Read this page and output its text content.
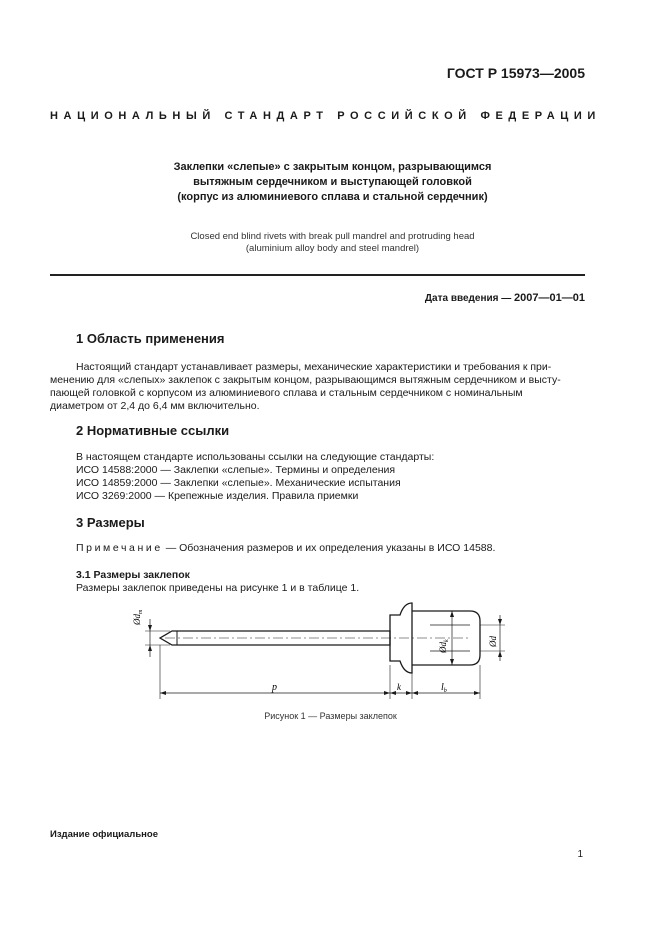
ГОСТ Р 15973—2005
НАЦИОНАЛЬНЫЙ СТАНДАРТ РОССИЙСКОЙ ФЕДЕРАЦИИ
Заклепки «слепые» с закрытым концом, разрывающимся
вытяжным сердечником и выступающей головкой
(корпус из алюминиевого сплава и стальной сердечник)
Closed end blind rivets with break pull mandrel and protruding head
(aluminium alloy body and steel mandrel)
Дата введения — 2007—01—01
1 Область применения
Настоящий стандарт устанавливает размеры, механические характеристики и требования к при-
менению для «слепых» заклепок с закрытым концом, разрывающимся вытяжным сердечником и высту-
пающей головкой с корпусом из алюминиевого сплава и стальным сердечником с номинальным
диаметром от 2,4 до 6,4 мм включительно.
2 Нормативные ссылки
В настоящем стандарте использованы ссылки на следующие стандарты:
ИСО 14588:2000 — Заклепки «слепые». Термины и определения
ИСО 14859:2000 — Заклепки «слепые». Механические испытания
ИСО 3269:2000 — Крепежные изделия. Правила приемки
3 Размеры
Примечание — Обозначения размеров и их определения указаны в ИСО 14588.
3.1 Размеры заклепок
Размеры заклепок приведены на рисунке 1 и в таблице 1.
$Ød_m$
$Ød_k$	Ød
p	k	$l_b$
Рисунок 1 — Размеры заклепок
Издание официальное
1
